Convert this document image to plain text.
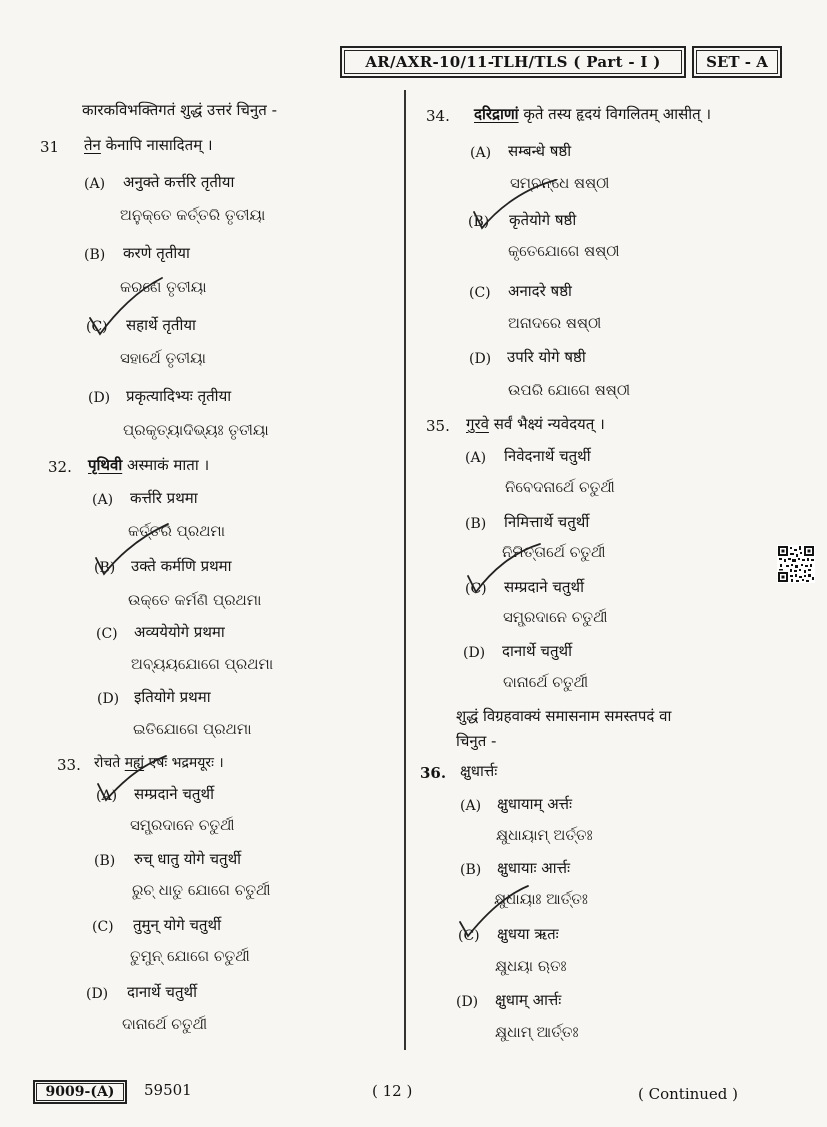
AR/AXR-10/11-TLH/TLS ( Part - I )	SET - A
कारकविभक्तिगतं शुद्धं उत्तरं चिनुत -
31 तेन केनापि नासादितम् ।
(A) अनुक्ते कर्त्तरि तृतीया
ଅନୁକ୍ତେ କର୍ତ୍ତରି ତୃତୀୟା
(B) करणे तृतीया
କରଣେ ତୃତୀୟା
(C) सहार्थे तृतीया
ସହାର୍ଥେ ତୃତୀୟା
(D) प्रकृत्यादिभ्यः तृतीया
ପ୍ରକୃତ୍ୟାଦିଭ୍ୟଃ ତୃତୀୟା
32. पृथिवी अस्माकं माता ।
(A) कर्त्तरि प्रथमा
କର୍ତ୍ତରି ପ୍ରଥମା
(B) उक्ते कर्मणि प्रथमा
ଉକ୍ତେ କର୍ମଣି ପ୍ରଥମା
(C) अव्ययेयोगे प्रथमा
ଅବ୍ୟୟଯୋଗେ ପ୍ରଥମା
(D) इतियोगे प्रथमा
ଇତିଯୋଗେ ପ୍ରଥମା
33. रोचते मह्यं एषः भद्रमयूरः ।
(A) सम्प्रदाने चतुर्थी
ସମ୍ପ୍ରଦାନେ ଚତୁର୍ଥୀ
(B) रुच् धातु योगे चतुर्थी
ରୁଚ୍ ଧାତୁ ଯୋଗେ ଚତୁର୍ଥୀ
(C) तुमुन् योगे चतुर्थी
ତୁମୁନ୍ ଯୋଗେ ଚତୁର୍ଥୀ
(D) दानार्थे चतुर्थी
ଦାନାର୍ଥେ ଚତୁର୍ଥୀ
34. दरिद्राणां कृते तस्य हृदयं विगलितम् आसीत् ।
(A) सम्बन्धे षष्ठी
ସମ୍ବନ୍ଧେ ଷଷ୍ଠୀ
(B) कृतेयोगे षष्ठी
କୃତେଯୋଗେ ଷଷ୍ଠୀ
(C) अनादरे षष्ठी
ଅନାଦରେ ଷଷ୍ଠୀ
(D) उपरि योगे षष्ठी
ଉପରି ଯୋଗେ ଷଷ୍ଠୀ
35. गुरवे सर्वं भैक्ष्यं न्यवेदयत् ।
(A) निवेदनार्थे चतुर्थी
ନିବେଦନାର୍ଥେ ଚତୁର୍ଥୀ
(B) निमित्तार्थे चतुर्थी
ନିମିତ୍ତାର୍ଥେ ଚତୁର୍ଥୀ
(C) सम्प्रदाने चतुर्थी
ସମ୍ପ୍ରଦାନେ ଚତୁର୍ଥୀ
(D) दानार्थे चतुर्थी
ଦାନାର୍ଥେ ଚତୁର୍ଥୀ
शुद्धं विग्रहवाक्यं समासनाम समस्तपदं वा
चिनुत -
36. क्षुधार्त्तः
(A) क्षुधायाम् अर्त्तः
କ୍ଷୁଧାୟାମ୍ ଅର୍ତ୍ତଃ
(B) क्षुधायाः आर्त्तः
କ୍ଷୁଧାୟାଃ ଆର୍ତ୍ତଃ
(C) क्षुधया ऋतः
କ୍ଷୁଧୟା ଋତଃ
(D) क्षुधाम् आर्त्तः
କ୍ଷୁଧାମ୍ ଆର୍ତ୍ତଃ
9009-(A)	59501	( 12 )	( Continued )
